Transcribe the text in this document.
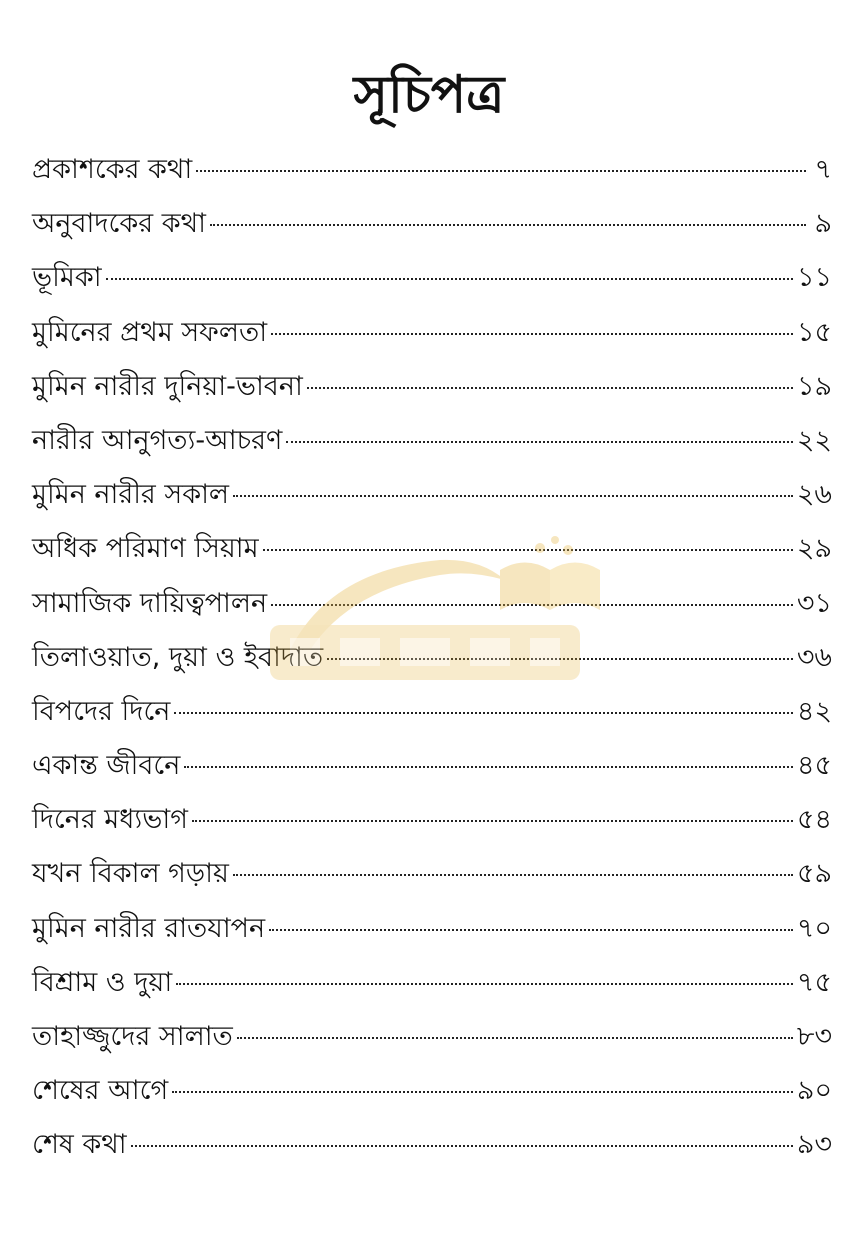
সূচিপত্র
প্রকাশকের কথা	৭
অনুবাদকের কথা	৯
ভূমিকা	১১
মুমিনের প্রথম সফলতা	১৫
মুমিন নারীর দুনিয়া-ভাবনা	১৯
নারীর আনুগত্য-আচরণ	২২
মুমিন নারীর সকাল	২৬
অধিক পরিমাণ সিয়াম	২৯
সামাজিক দায়িত্বপালন	৩১
তিলাওয়াত, দুয়া ও ইবাদাত	৩৬
বিপদের দিনে	৪২
একান্ত জীবনে	৪৫
দিনের মধ্যভাগ	৫৪
যখন বিকাল গড়ায়	৫৯
মুমিন নারীর রাতযাপন	৭০
বিশ্রাম ও দুয়া	৭৫
তাহাজ্জুদের সালাত	৮৩
শেষের আগে	৯০
শেষ কথা	৯৩
